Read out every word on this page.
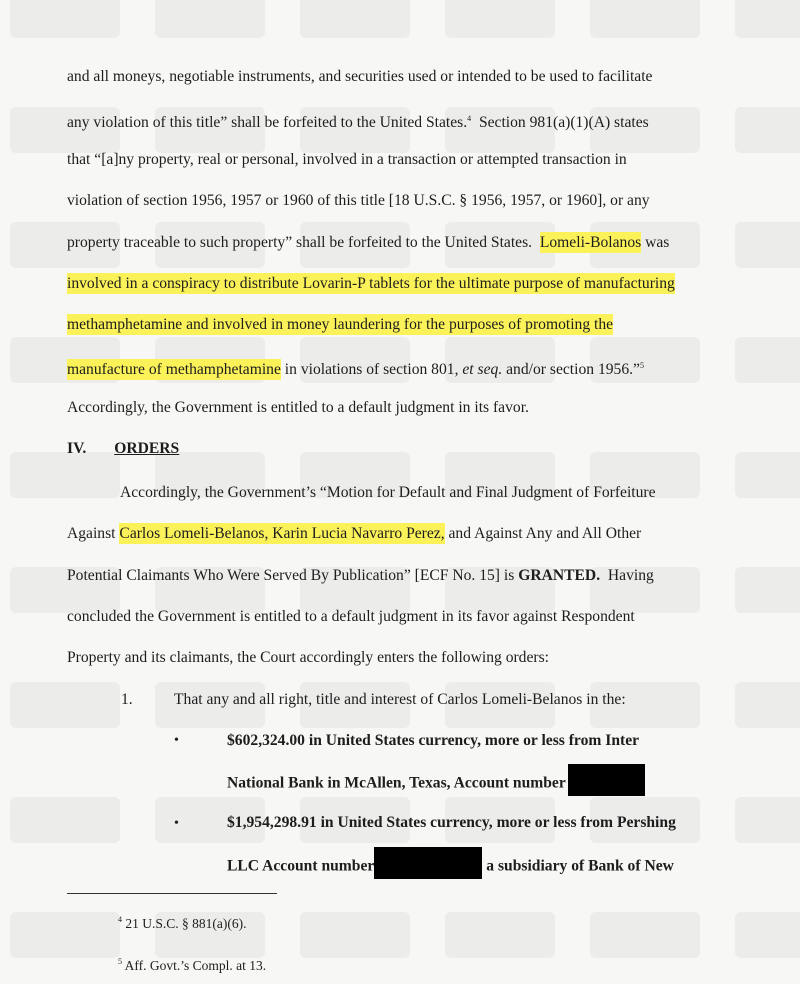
and all moneys, negotiable instruments, and securities used or intended to be used to facilitate
any violation of this title” shall be forfeited to the United States.$^4$ Section 981(a)(1)(A) states
that “[a]ny property, real or personal, involved in a transaction or attempted transaction in
violation of section 1956, 1957 or 1960 of this title [18 U.S.C. § 1956, 1957, or 1960], or any
property traceable to such property” shall be forfeited to the United States. Lomeli-Bolanos was
involved in a conspiracy to distribute Lovarin-P tablets for the ultimate purpose of manufacturing
methamphetamine and involved in money laundering for the purposes of promoting the
manufacture of methamphetamine in violations of section 801, et seq. and/or section 1956.”$^5$
Accordingly, the Government is entitled to a default judgment in its favor.
IV. ORDERS
Accordingly, the Government’s “Motion for Default and Final Judgment of Forfeiture
Against Carlos Lomeli-Belanos, Karin Lucia Navarro Perez, and Against Any and All Other
Potential Claimants Who Were Served By Publication” [ECF No. 15] is GRANTED. Having
concluded the Government is entitled to a default judgment in its favor against Respondent
Property and its claimants, the Court accordingly enters the following orders:
1.	That any and all right, title and interest of Carlos Lomeli-Belanos in the:
•	$602,324.00 in United States currency, more or less from Inter
National Bank in McAllen, Texas, Account number
•	$1,954,298.91 in United States currency, more or less from Pershing
LLC Account number	a subsidiary of Bank of New
$^4$ 21 U.S.C. § 881(a)(6).
$^5$ Aff. Govt.’s Compl. at 13.
